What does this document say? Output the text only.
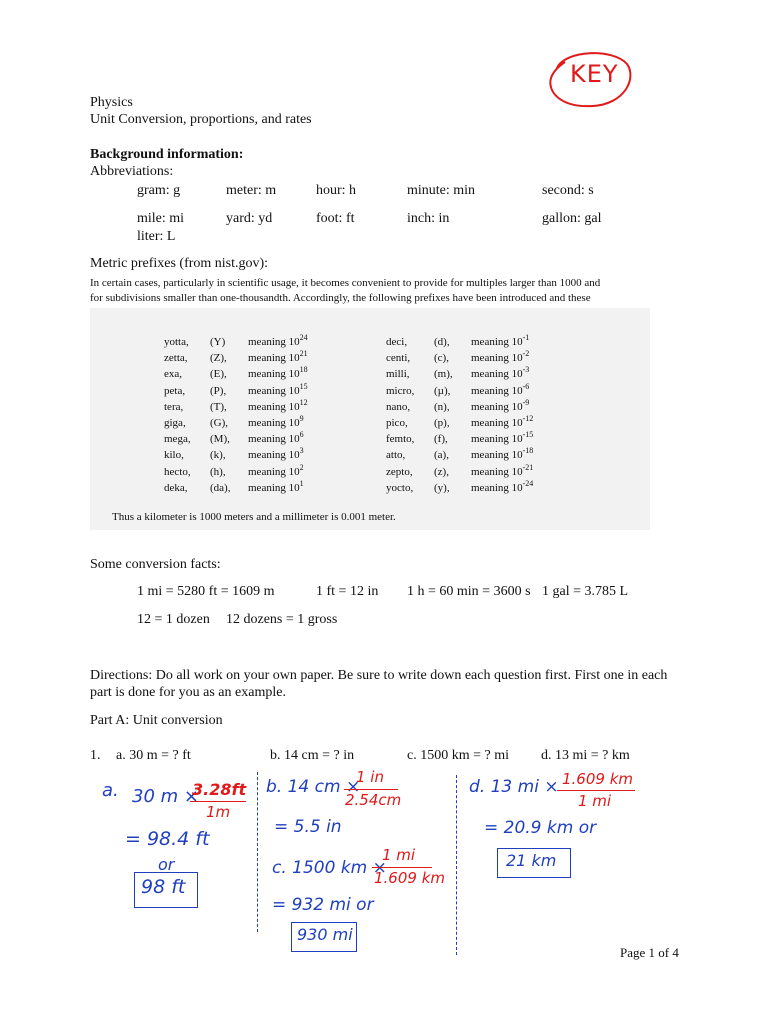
KEY
Physics
Unit Conversion, proportions, and rates
Background information:
Abbreviations:
gram: g	meter: m	hour: h	minute: min	second: s
mile: mi	yard: yd	foot: ft	inch: in	gallon: gal
liter: L
Metric prefixes (from nist.gov):
In certain cases, particularly in scientific usage, it becomes convenient to provide for multiples larger than 1000 and
for subdivisions smaller than one-thousandth. Accordingly, the following prefixes have been introduced and these
yotta, (Y) meaning $10^{24}$
zetta, (Z), meaning $10^{21}$
exa,	(E), meaning $10^{18}$
peta, (P), meaning $10^{15}$
tera, (T), meaning $10^{12}$
giga, (G), meaning $10^9$
mega, (M), meaning $10^6$
kilo, (k), meaning $10^3$
hecto, (h), meaning $10^2$
deka, (da), meaning $10^1$
deci, (d), meaning $10^{-1}$
centi, (c), meaning $10^{-2}$
milli, (m), meaning $10^{-3}$
micro, (µ), meaning $10^{-6}$
nano, (n), meaning $10^{-9}$
pico, (p), meaning $10^{-12}$
femto, (f), meaning $10^{-15}$
atto,	(a), meaning $10^{-18}$
zepto, (z), meaning $10^{-21}$
yocto, (y), meaning $10^{-24}$
Thus a kilometer is 1000 meters and a millimeter is 0.001 meter.
Some conversion facts:
1 mi = 5280 ft = 1609 m	1 ft = 12 in 1 h = 60 min = 3600 s 1 gal = 3.785 L
12 = 1 dozen 12 dozens = 1 gross
Directions: Do all work on your own paper. Be sure to write down each question first. First one in each
part is done for you as an example.
Part A: Unit conversion
1. a. 30 m = ? ft	b. 14 cm = ? in	c. 1500 km = ? mi d. 13 mi = ? km
a. 30 m ×
3.28ft
1m
= 98.4 ft
or
98 ft
b. 14 cm ×
1 in
2.54cm
= 5.5 in
c. 1500 km ×
1 mi
1.609 km
= 932 mi or
930 mi
d. 13 mi × 1.609 km
1 mi
= 20.9 km or
21 km
Page 1 of 4
